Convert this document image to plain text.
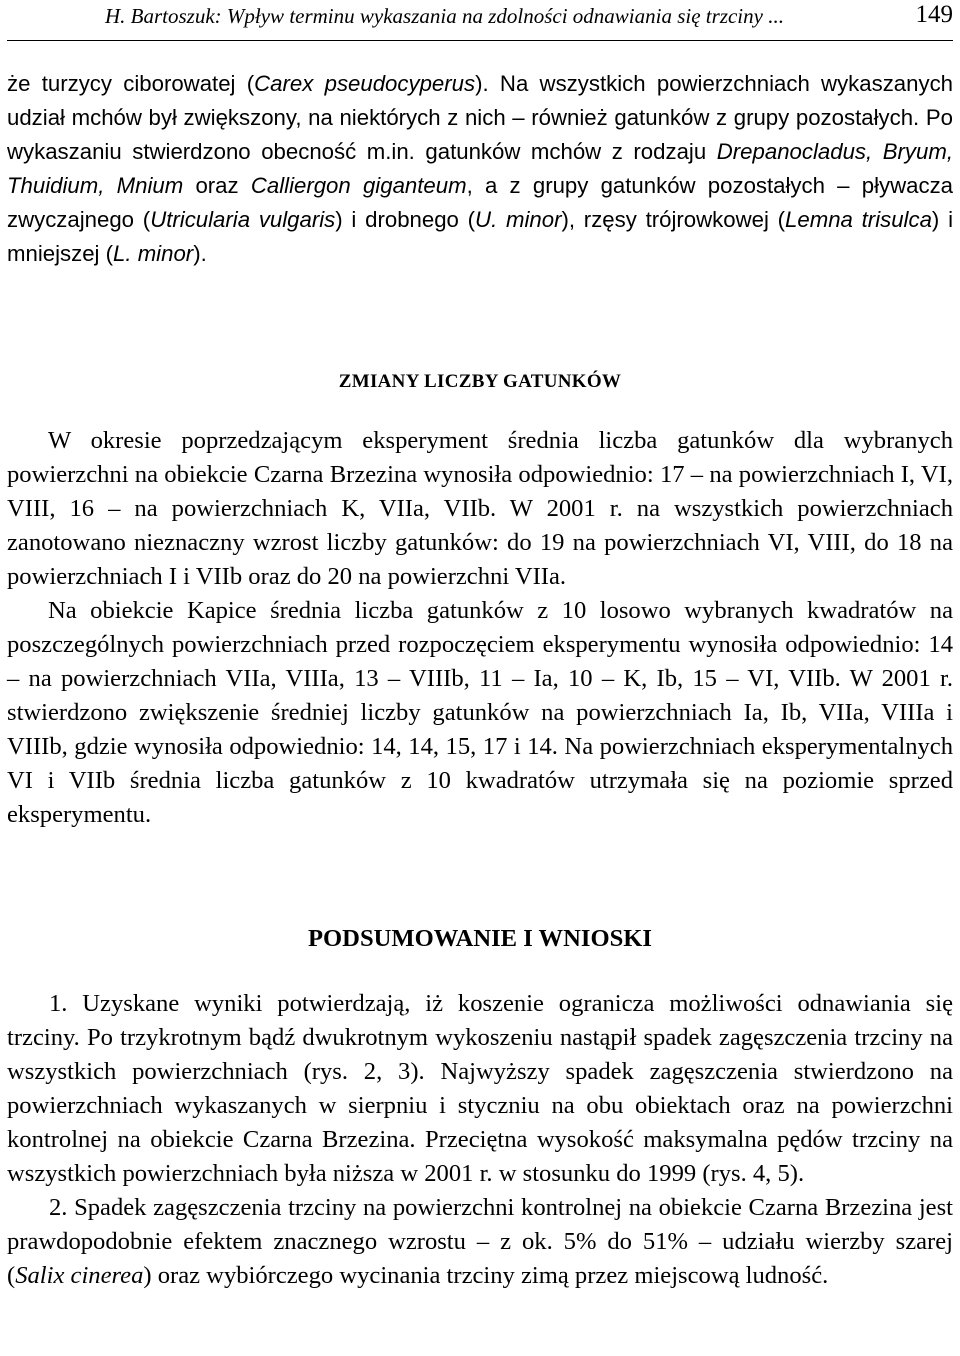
H. Bartoszuk: Wpływ terminu wykaszania na zdolności odnawiania się trzciny ...	149

że turzycy ciborowatej (Carex pseudocyperus). Na wszystkich powierzchniach wykaszanych udział mchów był zwiększony, na niektórych z nich – również gatunków z grupy pozostałych. Po wykaszaniu stwierdzono obecność m.in. gatunków mchów z rodzaju Drepanocladus, Bryum, Thuidium, Mnium oraz Calliergon giganteum, a z grupy gatunków pozostałych – pływacza zwyczajnego (Utricularia vulgaris) i drobnego (U. minor), rzęsy trójrowkowej (Lemna trisulca) i mniejszej (L. minor).

ZMIANY LICZBY GATUNKÓW

W okresie poprzedzającym eksperyment średnia liczba gatunków dla wybranych powierzchni na obiekcie Czarna Brzezina wynosiła odpowiednio: 17 – na powierzchniach I, VI, VIII, 16 – na powierzchniach K, VIIa, VIIb. W 2001 r. na wszystkich powierzchniach zanotowano nieznaczny wzrost liczby gatunków: do 19 na powierzchniach VI, VIII, do 18 na powierzchniach I i VIIb oraz do 20 na powierzchni VIIa.

Na obiekcie Kapice średnia liczba gatunków z 10 losowo wybranych kwadratów na poszczególnych powierzchniach przed rozpoczęciem eksperymentu wynosiła odpowiednio: 14 – na powierzchniach VIIa, VIIIa, 13 – VIIIb, 11 – Ia, 10 – K, Ib, 15 – VI, VIIb. W 2001 r. stwierdzono zwiększenie średniej liczby gatunków na powierzchniach Ia, Ib, VIIa, VIIIa i VIIIb, gdzie wynosiła odpowiednio: 14, 14, 15, 17 i 14. Na powierzchniach eksperymentalnych VI i VIIb średnia liczba gatunków z 10 kwadratów utrzymała się na poziomie sprzed eksperymentu.

PODSUMOWANIE I WNIOSKI

1. Uzyskane wyniki potwierdzają, iż koszenie ogranicza możliwości odnawiania się trzciny. Po trzykrotnym bądź dwukrotnym wykoszeniu nastąpił spadek zagęszczenia trzciny na wszystkich powierzchniach (rys. 2, 3). Najwyższy spadek zagęszczenia stwierdzono na powierzchniach wykaszanych w sierpniu i styczniu na obu obiektach oraz na powierzchni kontrolnej na obiekcie Czarna Brzezina. Przeciętna wysokość maksymalna pędów trzciny na wszystkich powierzchniach była niższa w 2001 r. w stosunku do 1999 (rys. 4, 5).

2. Spadek zagęszczenia trzciny na powierzchni kontrolnej na obiekcie Czarna Brzezina jest prawdopodobnie efektem znacznego wzrostu – z ok. 5% do 51% – udziału wierzby szarej (Salix cinerea) oraz wybiórczego wycinania trzciny zimą przez miejscową ludność.
